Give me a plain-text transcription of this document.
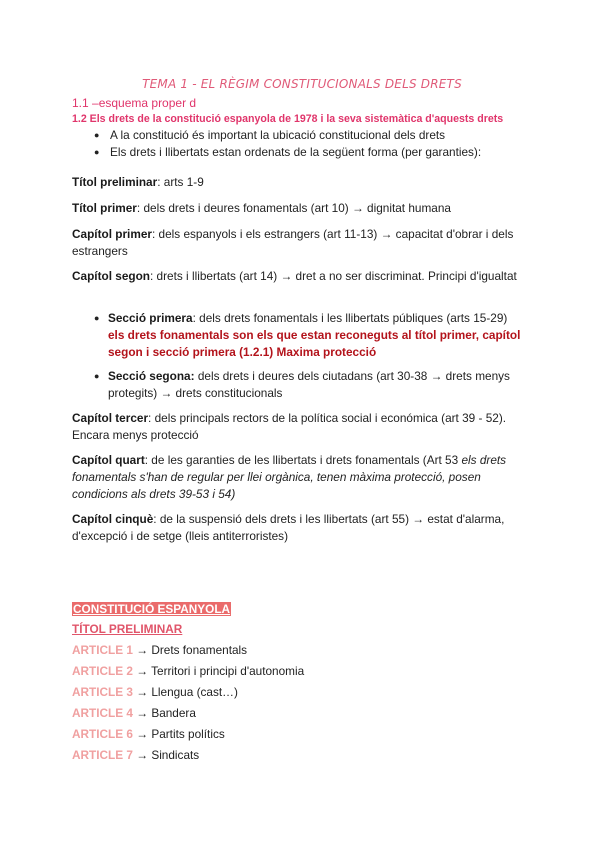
TEMA 1 - EL RÈGIM CONSTITUCIONALS DELS DRETS
1.1 –esquema proper d
1.2 Els drets de la constitució espanyola de 1978 i la seva sistemàtica d'aquests drets
● A la constitució és important la ubicació constitucional dels drets
● Els drets i llibertats estan ordenats de la següent forma (per garanties):
Títol preliminar: arts 1-9
Títol primer: dels drets i deures fonamentals (art 10) → dignitat humana
Capítol primer: dels espanyols i els estrangers (art 11-13) → capacitat d'obrar i dels estrangers
Capítol segon: drets i llibertats (art 14) → dret a no ser discriminat. Principi d'igualtat
● Secció primera: dels drets fonamentals i les llibertats públiques (arts 15-29) els drets fonamentals son els que estan reconeguts al títol primer, capítol segon i secció primera (1.2.1) Maxima protecció
● Secció segona: dels drets i deures dels ciutadans (art 30-38 → drets menys protegits) → drets constitucionals
Capítol tercer: dels principals rectors de la política social i económica (art 39 - 52). Encara menys protecció
Capítol quart: de les garanties de les llibertats i drets fonamentals (Art 53 els drets fonamentals s'han de regular per llei orgànica, tenen màxima protecció, posen condicions als drets 39-53 i 54)
Capítol cinquè: de la suspensió dels drets i les llibertats (art 55) → estat d'alarma, d'excepció i de setge (lleis antiterroristes)
CONSTITUCIÓ ESPANYOLA
TÍTOL PRELIMINAR
ARTICLE 1 → Drets fonamentals
ARTICLE 2 → Territori i principi d'autonomia
ARTICLE 3 → Llengua (cast…)
ARTICLE 4 → Bandera
ARTICLE 6 → Partits polítics
ARTICLE 7 → Sindicats
